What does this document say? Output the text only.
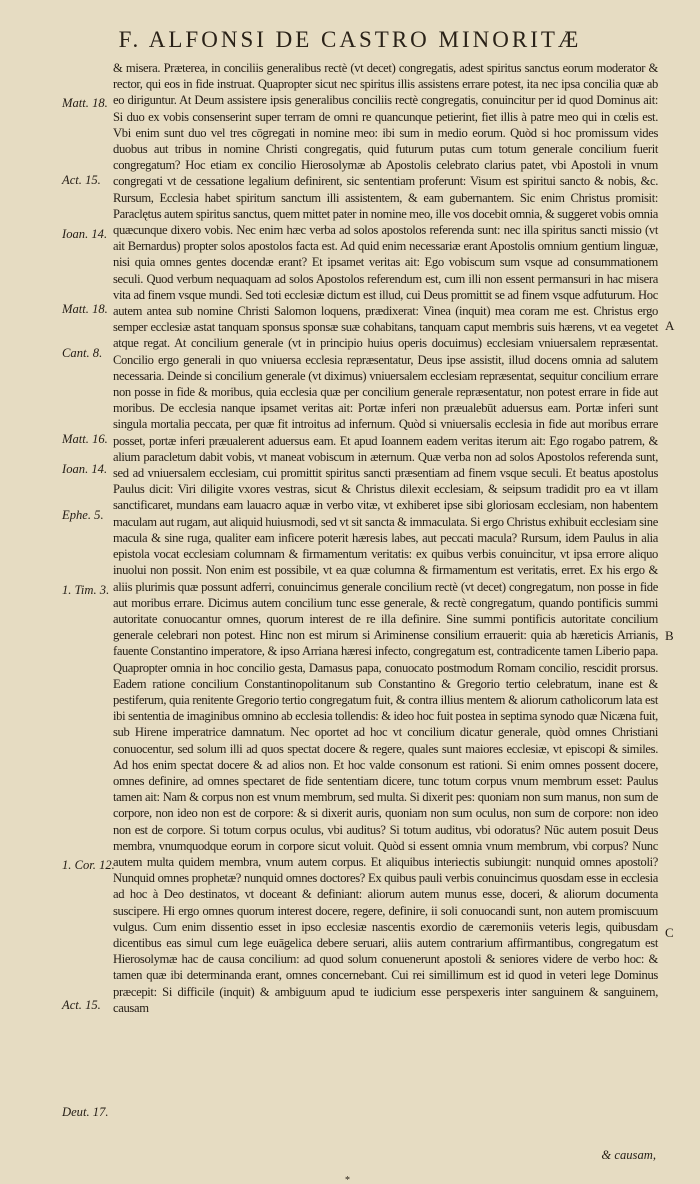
F. ALFONSI DE CASTRO MINORITÆ

& misera. Præterea, in conciliis generalibus rectè (vt decet) congregatis, adest spiritus sanctus eorum moderator & rector, qui eos in fide instruat. Quapropter sicut nec spiritus illis assistens errare potest, ita nec ipsa concilia quæ ab eo diriguntur. At Deum assistere ipsis generalibus conciliis rectè congregatis, conuincitur per id quod Dominus ait: Si duo ex vobis consenserint super terram de omni re quancunque petierint, fiet illis à patre meo qui in cœlis est. Vbi enim sunt duo vel tres cōgregati in nomine meo: ibi sum in medio eorum. Quòd si hoc promissum vides duobus aut tribus in nomine Christi congregatis, quid futurum putas cum totum generale concilium fuerit congregatum? Hoc etiam ex concilio Hierosolymæ ab Apostolis celebrato clarius patet, vbi Apostoli in vnum congregati vt de cessatione legalium definirent, sic sententiam proferunt: Visum est spiritui sancto & nobis, &c. Rursum, Ecclesia habet spiritum sanctum illi assistentem, & eam gubernantem. Sic enim Christus promisit: Paraclętus autem spiritus sanctus, quem mittet pater in nomine meo, ille vos docebit omnia, & suggeret vobis omnia quæcunque dixero vobis. Nec enim hæc verba ad solos apostolos referenda sunt: nec illa spiritus sancti missio (vt ait Bernardus) propter solos apostolos facta est. Ad quid enim necessariæ erant Apostolis omnium gentium linguæ, nisi quia omnes gentes docendæ erant? Et ipsamet veritas ait: Ego vobiscum sum vsque ad consummationem seculi. Quod verbum nequaquam ad solos Apostolos referendum est, cum illi non essent permansuri in hac misera vita ad finem vsque mundi. Sed toti ecclesiæ dictum est illud, cui Deus promittit se ad finem vsque adfuturum. Hoc autem antea sub nomine Christi Salomon loquens, prædixerat: Vinea (inquit) mea coram me est. Christus ergo semper ecclesiæ astat tanquam sponsus sponsæ suæ cohabitans, tanquam caput membris suis hærens, vt ea vegetet atque regat. At concilium generale (vt in principio huius operis docuimus) ecclesiam vniuersalem repræsentat. Concilio ergo generali in quo vniuersa ecclesia repræsentatur, Deus ipse assistit, illud docens omnia ad salutem necessaria. Deinde si concilium generale (vt diximus) vniuersalem ecclesiam repræsentat, sequitur concilium errare non posse in fide & moribus, quia ecclesia quæ per concilium generale repræsentatur, non potest errare in fide aut moribus. De ecclesia nanque ipsamet veritas ait: Portæ inferi non præualebūt aduersus eam. Portæ inferi sunt singula mortalia peccata, per quæ fit introitus ad infernum. Quòd si vniuersalis ecclesia in fide aut moribus errare posset, portæ inferi præualerent aduersus eam. Et apud Ioannem eadem veritas iterum ait: Ego rogabo patrem, & alium paracletum dabit vobis, vt maneat vobiscum in æternum. Quæ verba non ad solos Apostolos referenda sunt, sed ad vniuersalem ecclesiam, cui promittit spiritus sancti præsentiam ad finem vsque seculi. Et beatus apostolus Paulus dicit: Viri diligite vxores vestras, sicut & Christus dilexit ecclesiam, & seipsum tradidit pro ea vt illam sanctificaret, mundans eam lauacro aquæ in verbo vitæ, vt exhiberet ipse sibi gloriosam ecclesiam, non habentem maculam aut rugam, aut aliquid huiusmodi, sed vt sit sancta & immaculata. Si ergo Christus exhibuit ecclesiam sine macula & sine ruga, qualiter eam inficere poterit hæresis labes, aut peccati macula? Rursum, idem Paulus in alia epistola vocat ecclesiam columnam & firmamentum veritatis: ex quibus verbis conuincitur, vt ipsa errore aliquo inuolui non possit. Non enim est possibile, vt ea quæ columna & firmamentum est veritatis, erret. Ex his ergo & aliis plurimis quæ possunt adferri, conuincimus generale concilium rectè (vt decet) congregatum, non posse in fide aut moribus errare. Dicimus autem concilium tunc esse generale, & rectè congregatum, quando pontificis summi autoritate conuocantur omnes, quorum interest de re illa definire. Sine summi pontificis autoritate concilium generale celebrari non potest. Hinc non est mirum si Ariminense consilium errauerit: quia ab hæreticis Arrianis, fauente Constantino imperatore, & ipso Arriana hæresi infecto, congregatum est, contradicente tamen Liberio papa. Quapropter omnia in hoc concilio gesta, Damasus papa, conuocato postmodum Romam concilio, rescidit prorsus. Eadem ratione concilium Constantinopolitanum sub Constantino & Gregorio tertio celebratum, inane est & pestiferum, quia renitente Gregorio tertio congregatum fuit, & contra illius mentem & aliorum catholicorum lata est ibi sententia de imaginibus omnino ab ecclesia tollendis: & ideo hoc fuit postea in septima synodo quæ Nicæna fuit, sub Hirene imperatrice damnatum. Nec oportet ad hoc vt concilium dicatur generale, quòd omnes Christiani conuocentur, sed solum illi ad quos spectat docere & regere, quales sunt maiores ecclesiæ, vt episcopi & similes. Ad hos enim spectat docere & ad alios non. Et hoc valde consonum est rationi. Si enim omnes possent docere, omnes definire, ad omnes spectaret de fide sententiam dicere, tunc totum corpus vnum membrum esset: Paulus tamen ait: Nam & corpus non est vnum membrum, sed multa. Si dixerit pes: quoniam non sum manus, non sum de corpore, non ideo non est de corpore: & si dixerit auris, quoniam non sum oculus, non sum de corpore: non ideo non est de corpore. Si totum corpus oculus, vbi auditus? Si totum auditus, vbi odoratus? Nūc autem posuit Deus membra, vnumquodque eorum in corpore sicut voluit. Quòd si essent omnia vnum membrum, vbi corpus? Nunc autem multa quidem membra, vnum autem corpus. Et aliquibus interiectis subiungit: nunquid omnes apostoli? Nunquid omnes prophetæ? nunquid omnes doctores? Ex quibus pauli verbis conuincimus quosdam esse in ecclesia ad hoc à Deo destinatos, vt doceant & definiant: aliorum autem munus esse, doceri, & aliorum documenta suscipere. Hi ergo omnes quorum interest docere, regere, definire, ii soli conuocandi sunt, non autem promiscuum vulgus. Cum enim dissentio esset in ipso ecclesiæ nascentis exordio de cæremoniis veteris legis, quibusdam dicentibus eas simul cum lege euāgelica debere seruari, aliis autem contrarium affirmantibus, congregatum est Hierosolymæ hac de causa concilium: ad quod solum conuenerunt apostoli & seniores videre de verbo hoc: & tamen quæ ibi determinanda erant, omnes concernebant. Cui rei simillimum est id quod in veteri lege Dominus præcepit: Si difficile (inquit) & ambiguum apud te iudicium esse perspexeris inter sanguinem & sanguinem, causam

Matt. 18.
Act. 15.
Ioan. 14.
Matt. 18.
Cant. 8.
Matt. 16.
Ioan. 14.
Ephe. 5.
1. Tim. 3.
1. Cor. 12.
Act. 15.
Deut. 17.
A
B
C
& causam,
*
